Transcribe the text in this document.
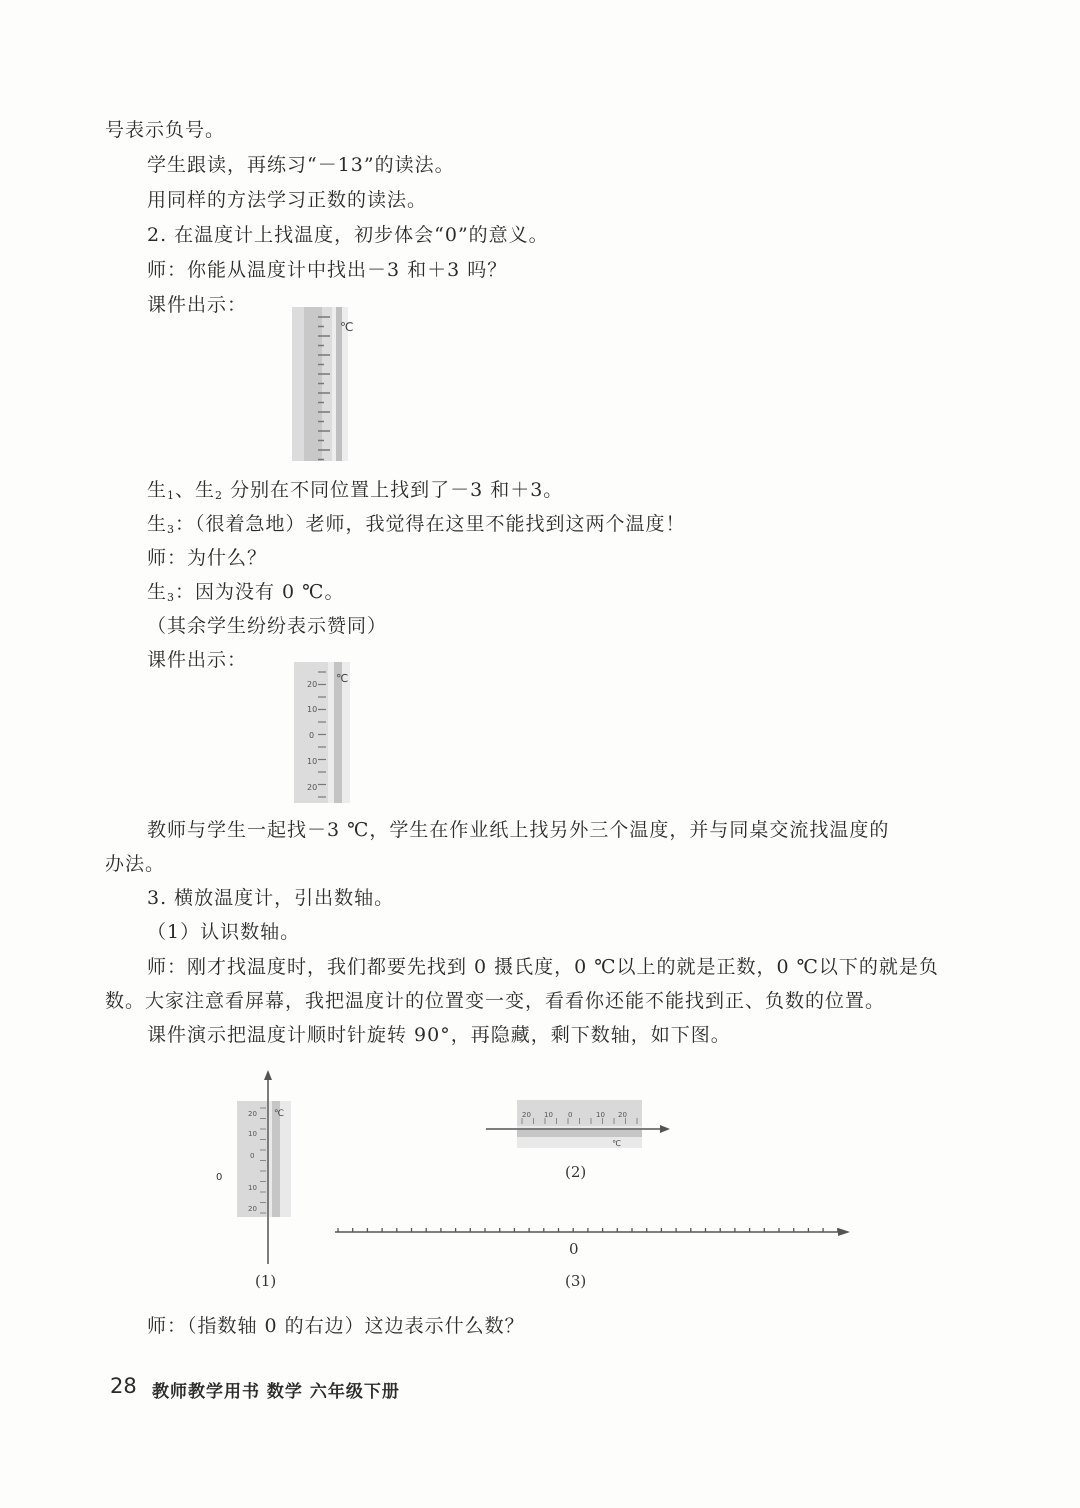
号表示负号。
学生跟读，再练习“－13”的读法。
用同样的方法学习正数的读法。
2. 在温度计上找温度，初步体会“0”的意义。
师：你能从温度计中找出－3 和＋3 吗？
课件出示：
℃
生$_1$、生$_2$ 分别在不同位置上找到了－3 和＋3。
生$_3$：（很着急地）老师，我觉得在这里不能找到这两个温度！
师：为什么？
生$_3$：因为没有 0 ℃。
（其余学生纷纷表示赞同）
课件出示：
20
10
0
10
20
℃
教师与学生一起找－3 ℃，学生在作业纸上找另外三个温度，并与同桌交流找温度的
办法。
3. 横放温度计，引出数轴。
（1）认识数轴。
师：刚才找温度时，我们都要先找到 0 摄氏度，0 ℃以上的就是正数，0 ℃以下的就是负
数。大家注意看屏幕，我把温度计的位置变一变，看看你还能不能找到正、负数的位置。
课件演示把温度计顺时针旋转 90°，再隐藏，剩下数轴，如下图。
20
10
0
10
20
℃
0
(1)
20 10 0	10 20
℃
(2)
0
(3)
师：（指数轴 0 的右边）这边表示什么数？
28 教师教学用书 数学 六年级下册
